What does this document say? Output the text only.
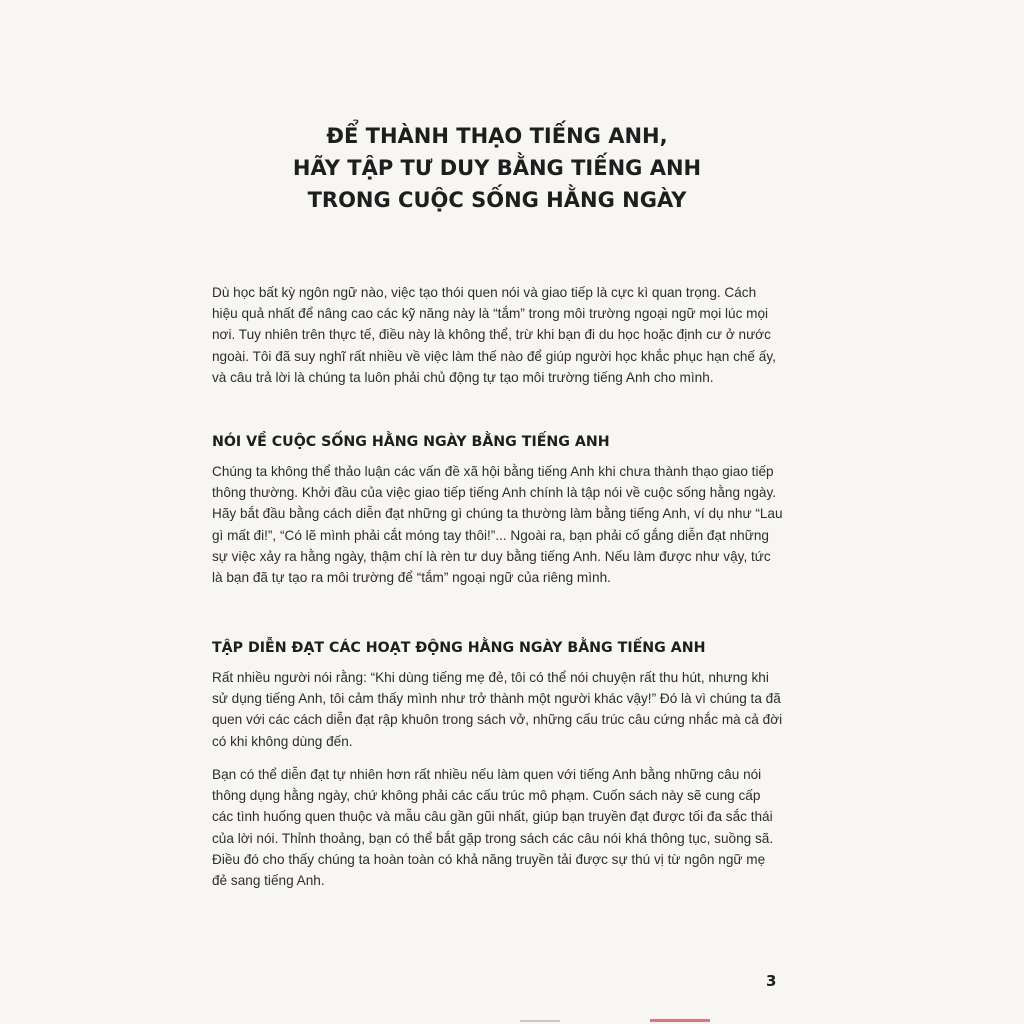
ĐỂ THÀNH THẠO TIẾNG ANH,
HÃY TẬP TƯ DUY BẰNG TIẾNG ANH
TRONG CUỘC SỐNG HẰNG NGÀY

Dù học bất kỳ ngôn ngữ nào, việc tạo thói quen nói và giao tiếp là cực kì quan trọng. Cách hiệu quả nhất để nâng cao các kỹ năng này là “tắm” trong môi trường ngoại ngữ mọi lúc mọi nơi. Tuy nhiên trên thực tế, điều này là không thể, trừ khi bạn đi du học hoặc định cư ở nước ngoài. Tôi đã suy nghĩ rất nhiều về việc làm thế nào để giúp người học khắc phục hạn chế ấy, và câu trả lời là chúng ta luôn phải chủ động tự tạo môi trường tiếng Anh cho mình.

NÓI VỀ CUỘC SỐNG HẰNG NGÀY BẰNG TIẾNG ANH

Chúng ta không thể thảo luận các vấn đề xã hội bằng tiếng Anh khi chưa thành thạo giao tiếp thông thường. Khởi đầu của việc giao tiếp tiếng Anh chính là tập nói về cuộc sống hằng ngày. Hãy bắt đầu bằng cách diễn đạt những gì chúng ta thường làm bằng tiếng Anh, ví dụ như “Lau gì mất đi!”, “Có lẽ mình phải cắt móng tay thôi!”... Ngoài ra, bạn phải cố gắng diễn đạt những sự việc xảy ra hằng ngày, thậm chí là rèn tư duy bằng tiếng Anh. Nếu làm được như vậy, tức là bạn đã tự tạo ra môi trường để “tắm” ngoại ngữ của riêng mình.

TẬP DIỄN ĐẠT CÁC HOẠT ĐỘNG HẰNG NGÀY BẰNG TIẾNG ANH

Rất nhiều người nói rằng: “Khi dùng tiếng mẹ đẻ, tôi có thể nói chuyện rất thu hút, nhưng khi sử dụng tiếng Anh, tôi cảm thấy mình như trở thành một người khác vậy!” Đó là vì chúng ta đã quen với các cách diễn đạt rập khuôn trong sách vở, những cấu trúc câu cứng nhắc mà cả đời có khi không dùng đến.

Bạn có thể diễn đạt tự nhiên hơn rất nhiều nếu làm quen với tiếng Anh bằng những câu nói thông dụng hằng ngày, chứ không phải các cấu trúc mô phạm. Cuốn sách này sẽ cung cấp các tình huống quen thuộc và mẫu câu gần gũi nhất, giúp bạn truyền đạt được tối đa sắc thái của lời nói. Thỉnh thoảng, bạn có thể bắt gặp trong sách các câu nói khá thông tục, suồng sã. Điều đó cho thấy chúng ta hoàn toàn có khả năng truyền tải được sự thú vị từ ngôn ngữ mẹ đẻ sang tiếng Anh.

3
